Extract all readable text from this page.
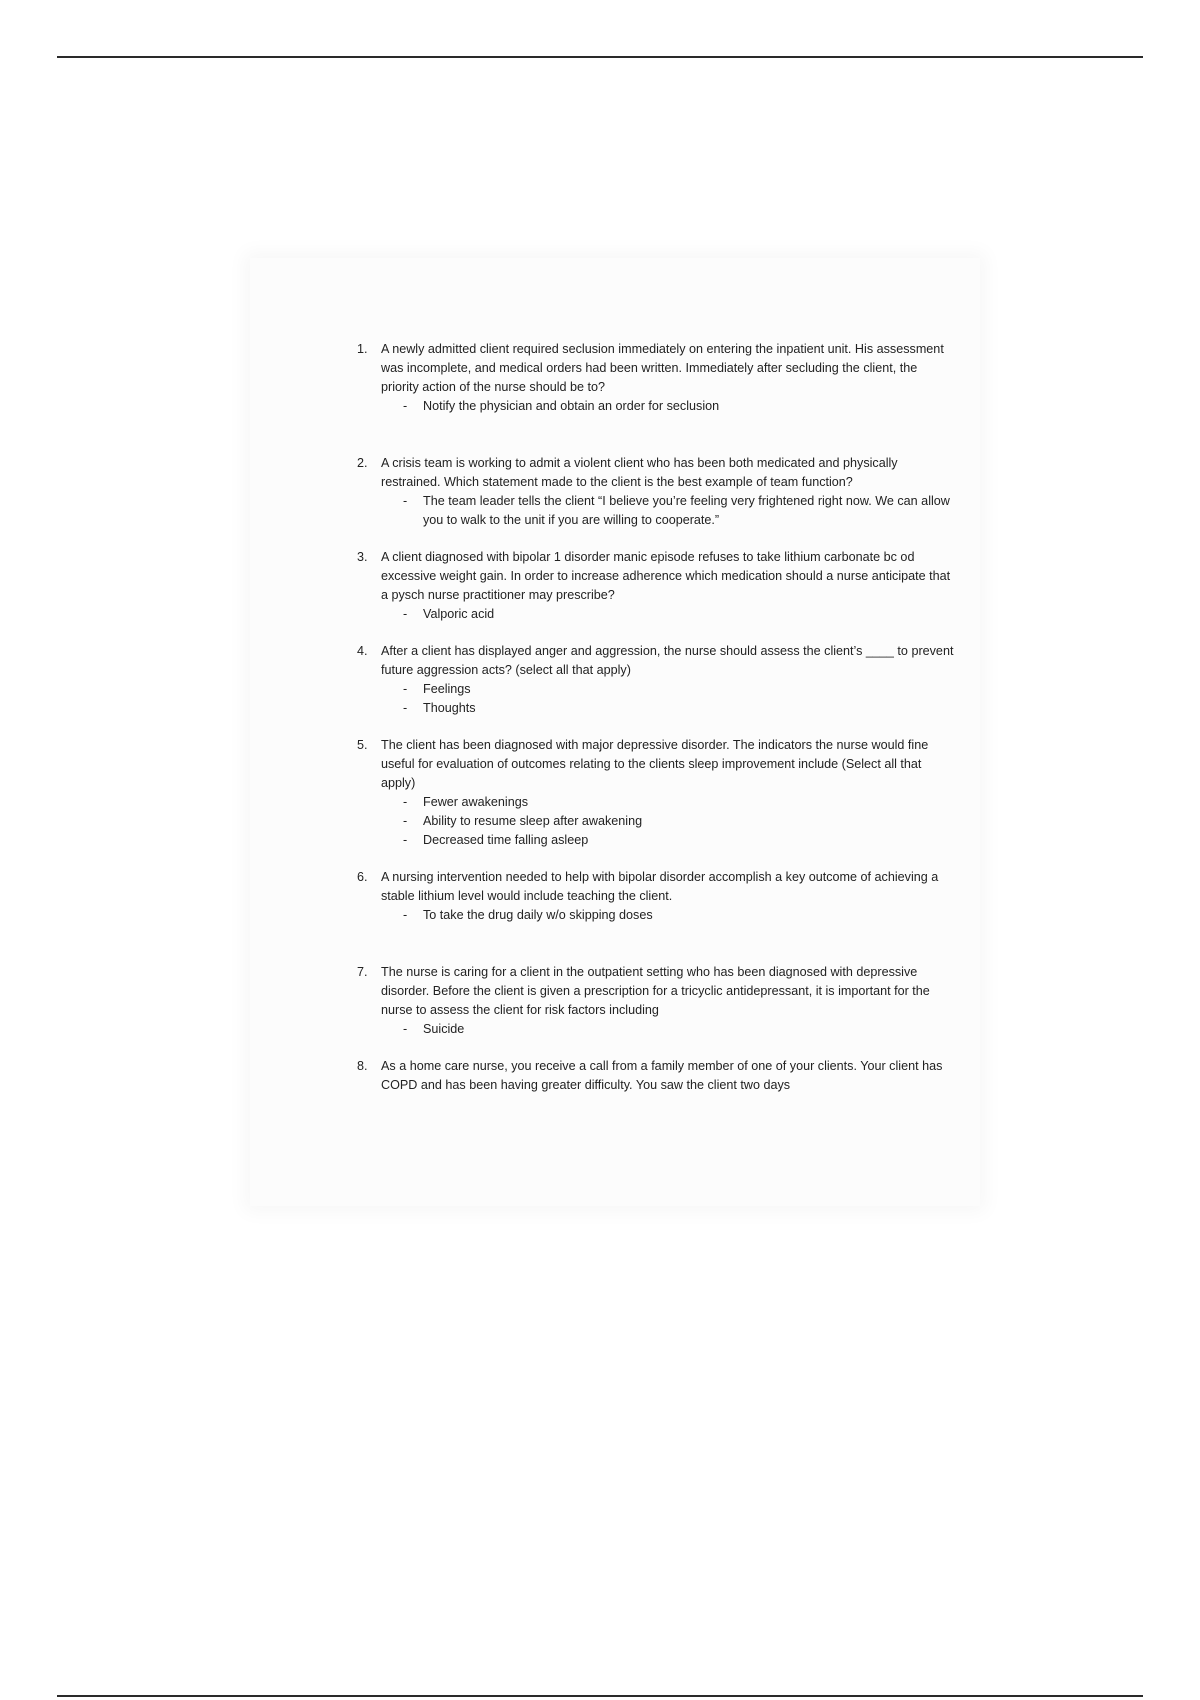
1. A newly admitted client required seclusion immediately on entering the inpatient unit. His assessment was incomplete, and medical orders had been written. Immediately after secluding the client, the priority action of the nurse should be to?
- Notify the physician and obtain an order for seclusion
2. A crisis team is working to admit a violent client who has been both medicated and physically restrained. Which statement made to the client is the best example of team function?
- The team leader tells the client “I believe you’re feeling very frightened right now. We can allow you to walk to the unit if you are willing to cooperate.”
3. A client diagnosed with bipolar 1 disorder manic episode refuses to take lithium carbonate bc od excessive weight gain. In order to increase adherence which medication should a nurse anticipate that a pysch nurse practitioner may prescribe?
- Valporic acid
4. After a client has displayed anger and aggression, the nurse should assess the client’s ____ to prevent future aggression acts? (select all that apply)
- Feelings
- Thoughts
5. The client has been diagnosed with major depressive disorder. The indicators the nurse would fine useful for evaluation of outcomes relating to the clients sleep improvement include (Select all that apply)
- Fewer awakenings
- Ability to resume sleep after awakening
- Decreased time falling asleep
6. A nursing intervention needed to help with bipolar disorder accomplish a key outcome of achieving a stable lithium level would include teaching the client.
- To take the drug daily w/o skipping doses
7. The nurse is caring for a client in the outpatient setting who has been diagnosed with depressive disorder. Before the client is given a prescription for a tricyclic antidepressant, it is important for the nurse to assess the client for risk factors including
- Suicide
8. As a home care nurse, you receive a call from a family member of one of your clients. Your client has COPD and has been having greater difficulty. You saw the client two days
